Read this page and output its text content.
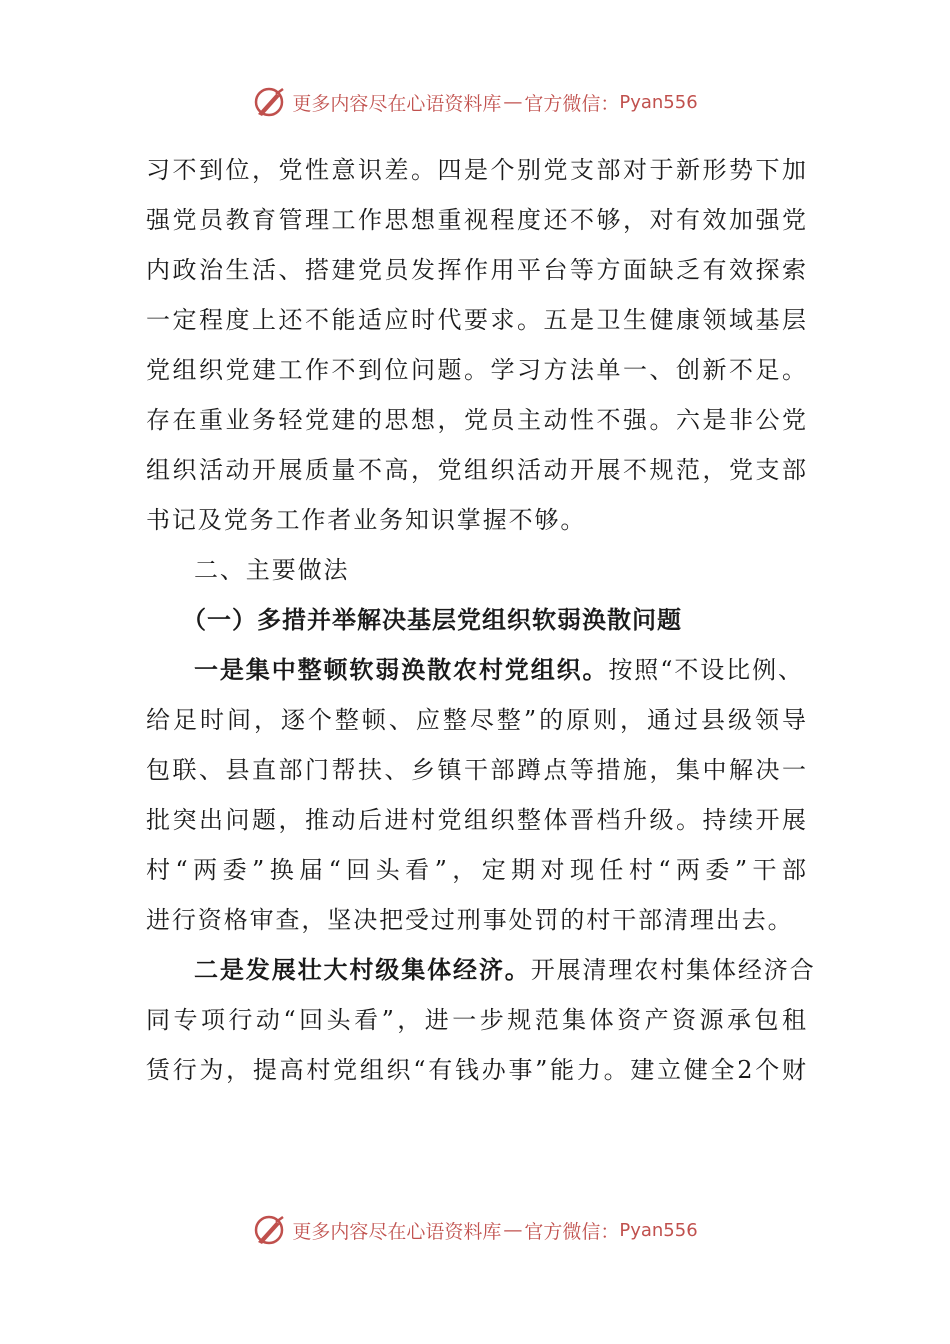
更多内容尽在心语资料库 — 官方微信： Pyan556
习不到位，党性意识差。四是个别党支部对于新形势下加
强党员教育管理工作思想重视程度还不够，对有效加强党
内政治生活、搭建党员发挥作用平台等方面缺乏有效探索
一定程度上还不能适应时代要求。五是卫生健康领域基层
党组织党建工作不到位问题。学习方法单一、创新不足。
存在重业务轻党建的思想，党员主动性不强。六是非公党
组织活动开展质量不高，党组织活动开展不规范，党支部
书记及党务工作者业务知识掌握不够。
二、主要做法
（一）多措并举解决基层党组织软弱涣散问题
一是集中整顿软弱涣散农村党组织。按照“不设比例、
给足时间，逐个整顿、应整尽整”的原则，通过县级领导
包联、县直部门帮扶、乡镇干部蹲点等措施，集中解决一
批突出问题，推动后进村党组织整体晋档升级。持续开展
村“两委”换届“回头看”，定期对现任村“两委”干部
进行资格审查，坚决把受过刑事处罚的村干部清理出去。
二是发展壮大村级集体经济。开展清理农村集体经济合
同专项行动“回头看”，进一步规范集体资产资源承包租
赁行为，提高村党组织“有钱办事”能力。建立健全2个财
更多内容尽在心语资料库 — 官方微信： Pyan556
